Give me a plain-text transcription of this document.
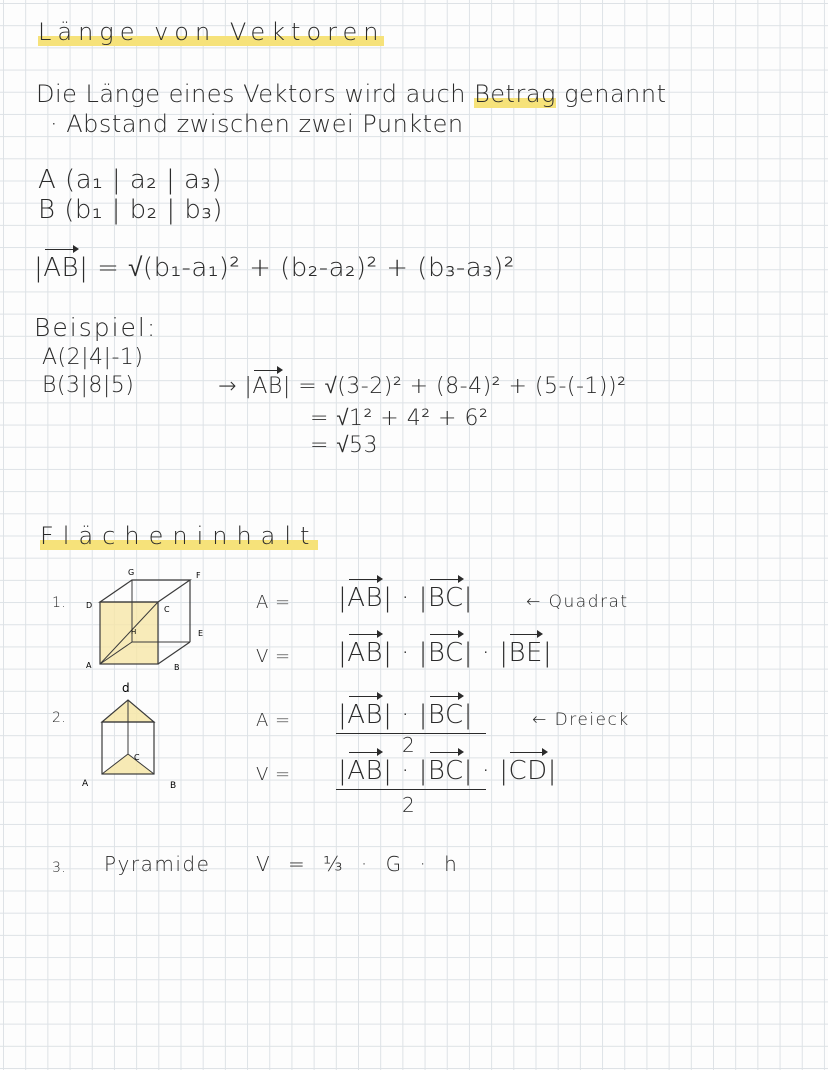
Länge von Vektoren
Die Länge eines Vektors wird auch Betrag genannt
· Abstand zwischen zwei Punkten
A (a₁ | a₂ | a₃)
B (b₁ | b₂ | b₃)
|AB| = √(b₁-a₁)² + (b₂-a₂)² + (b₃-a₃)²
Beispiel:
A(2|4|-1)
B(3|8|5)	→ |AB| = √(3-2)² + (8-4)² + (5-(-1))²
= √1² + 4² + 6²
= √53
Flächeninhalt
1.
G	F
D	C
H	E
A	B
A = |AB| · |BC|	← Quadrat
V = |AB| · |BC| · |BE|
2.
d
C
A	B
A = |AB| · |BC|
2
← Dreieck
V = |AB| · |BC| · |CD|
2
3. Pyramide V = ⅓ · G · h
